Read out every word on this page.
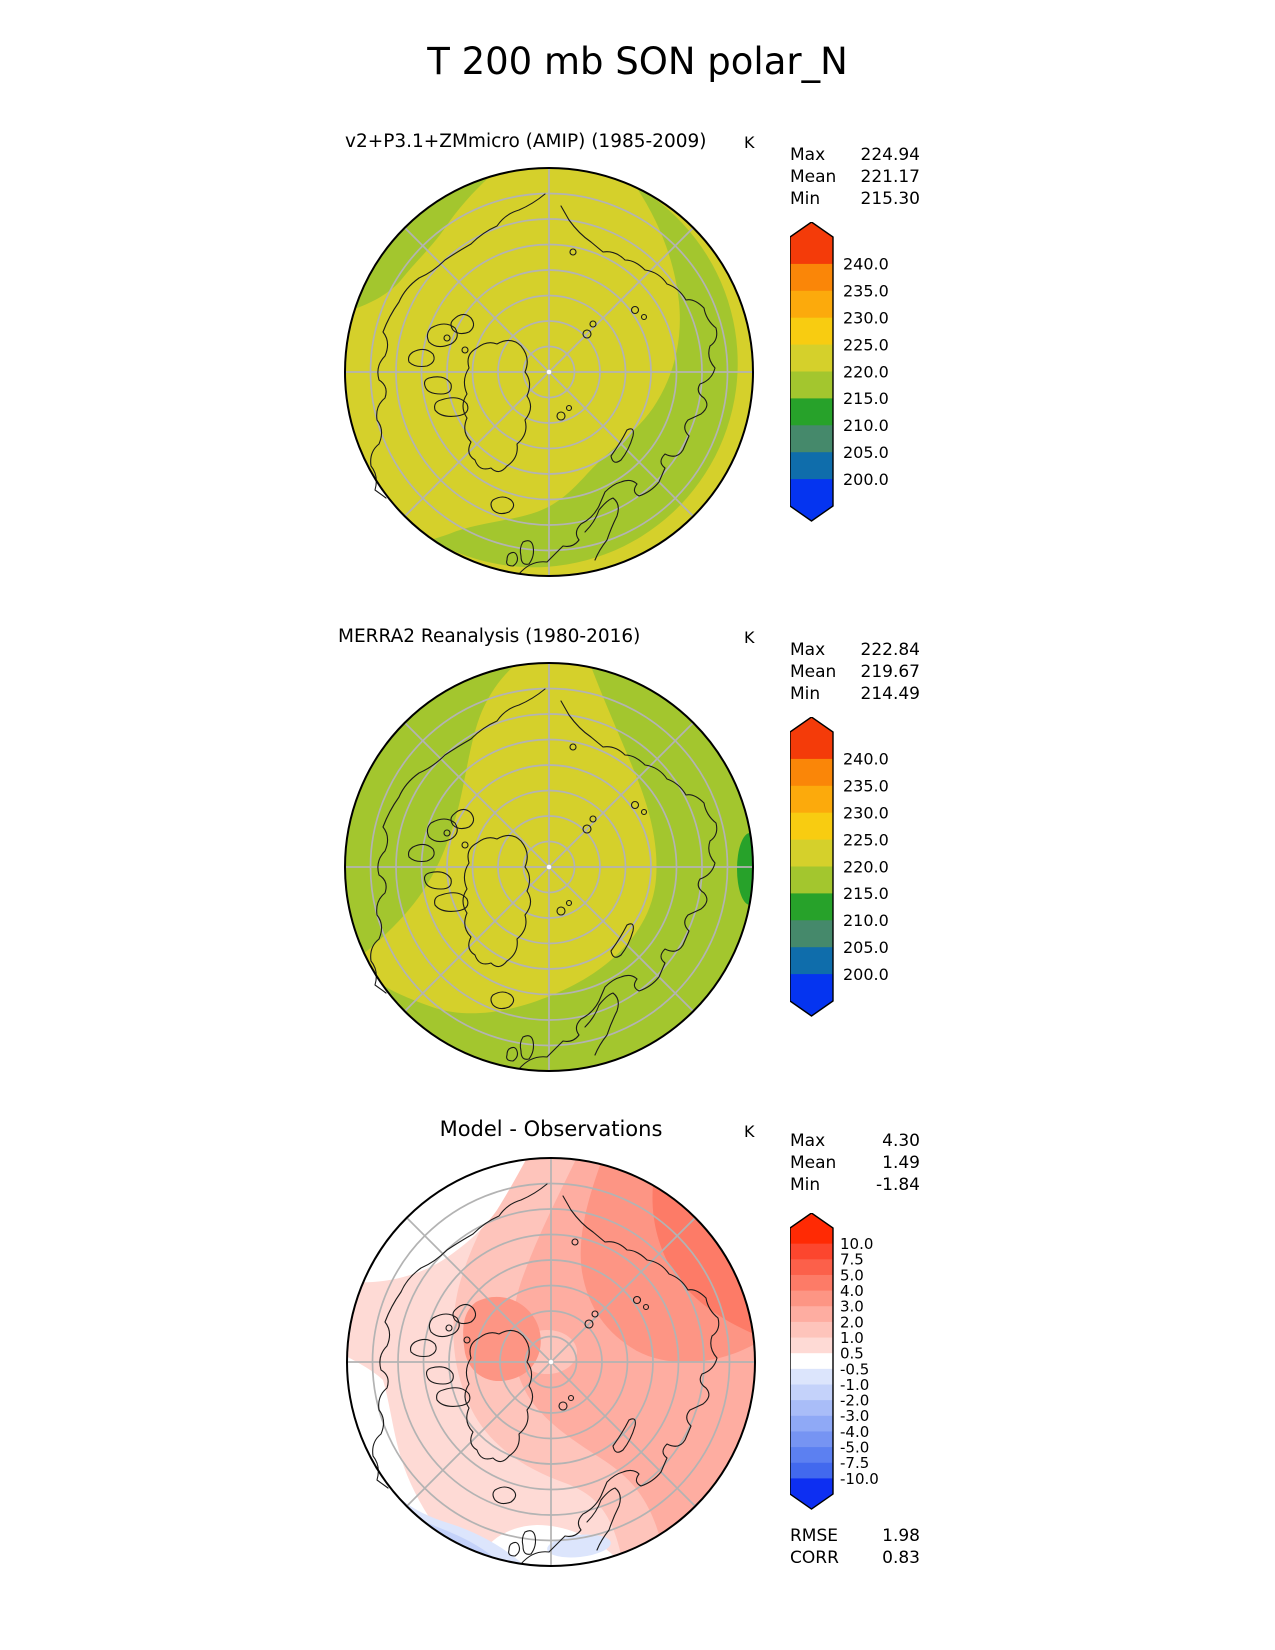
T 200 mb SON polar_N
v2+P3.1+ZMmicro (AMIP) (1985-2009) K
Max 224.94
Mean 221.17
Min 215.30
240.0
235.0
230.0
225.0
220.0
215.0
210.0
205.0
200.0
MERRA2 Reanalysis (1980-2016)	K
Max 222.84
Mean 219.67
Min 214.49
240.0
235.0
230.0
225.0
220.0
215.0
210.0
205.0
200.0
Model - Observations	K Max	4.30
Mean	1.49
Min	-1.84
10.0
7.5
5.0
4.0
3.0
2.0
1.0
0.5
-0.5
-1.0
-2.0
-3.0
-4.0
-5.0
-7.5
-10.0
RMSE	1.98
CORR	0.83
